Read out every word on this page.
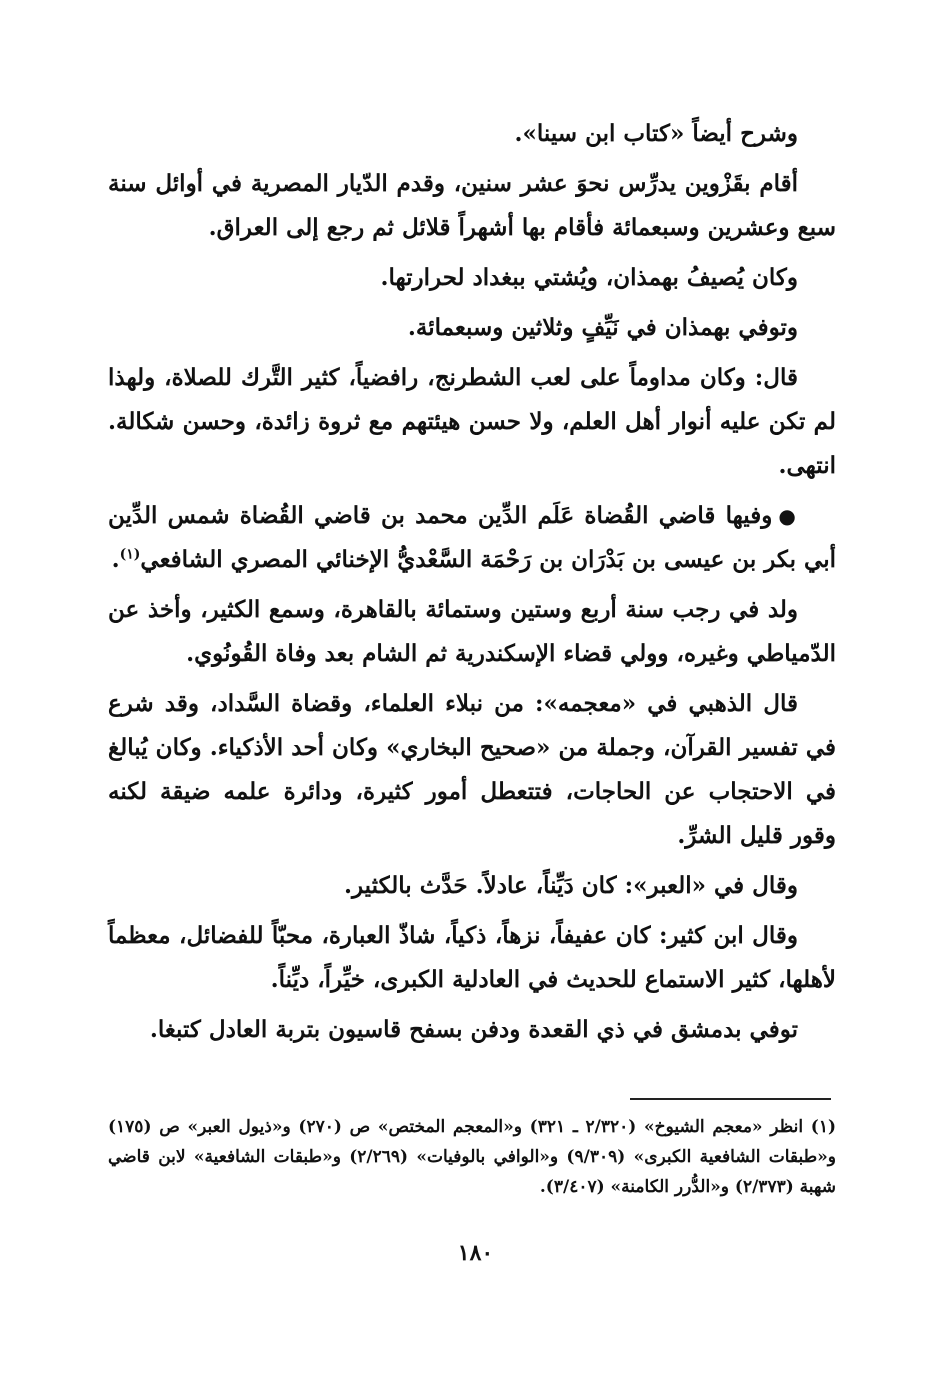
وشرح أيضاً «كتاب ابن سينا».

أقام بقَزْوين يدرِّس نحوَ عشر سنين، وقدم الدّيار المصرية في أوائل سنة سبع وعشرين وسبعمائة فأقام بها أشهراً قلائل ثم رجع إلى العراق.

وكان يُصيفُ بهمذان، ويُشتي ببغداد لحرارتها.

وتوفي بهمذان في نَيِّفٍ وثلاثين وسبعمائة.

قال: وكان مداوماً على لعب الشطرنج، رافضياً، كثير التَّرك للصلاة، ولهذا لم تكن عليه أنوار أهل العلم، ولا حسن هيئتهم مع ثروة زائدة، وحسن شكالة. انتهى.

●وفيها قاضي القُضاة عَلَم الدِّين محمد بن قاضي القُضاة شمس الدِّين أبي بكر بن عيسى بن بَدْرَان بن رَحْمَة السَّعْديُّ الإخنائي المصري الشافعي$^{(١)}$.

ولد في رجب سنة أربع وستين وستمائة بالقاهرة، وسمع الكثير، وأخذ عن الدّمياطي وغيره، وولي قضاء الإسكندرية ثم الشام بعد وفاة القُونُوي.

قال الذهبي في «معجمه»: من نبلاء العلماء، وقضاة السَّداد، وقد شرع في تفسير القرآن، وجملة من «صحيح البخاري» وكان أحد الأذكياء. وكان يُبالغ في الاحتجاب عن الحاجات، فتتعطل أمور كثيرة، ودائرة علمه ضيقة لكنه وقور قليل الشرِّ.

وقال في «العبر»: كان دَيِّناً، عادلاً. حَدَّث بالكثير.

وقال ابن كثير: كان عفيفاً، نزهاً، ذكياً، شاذّ العبارة، محبّاً للفضائل، معظماً لأهلها، كثير الاستماع للحديث في العادلية الكبرى، خيِّراً، ديِّناً.

توفي بدمشق في ذي القعدة ودفن بسفح قاسيون بتربة العادل كتبغا.

(١) انظر «معجم الشيوخ» (٢/٣٢٠ ـ ٣٢١) و«المعجم المختص» ص (٢٧٠) و«ذيول العبر» ص (١٧٥) و«طبقات الشافعية الكبرى» (٩/٣٠٩) و«الوافي بالوفيات» (٢/٢٦٩) و«طبقات الشافعية» لابن قاضي شهبة (٢/٣٧٣) و«الدُّرر الكامنة» (٣/٤٠٧).

١٨٠
